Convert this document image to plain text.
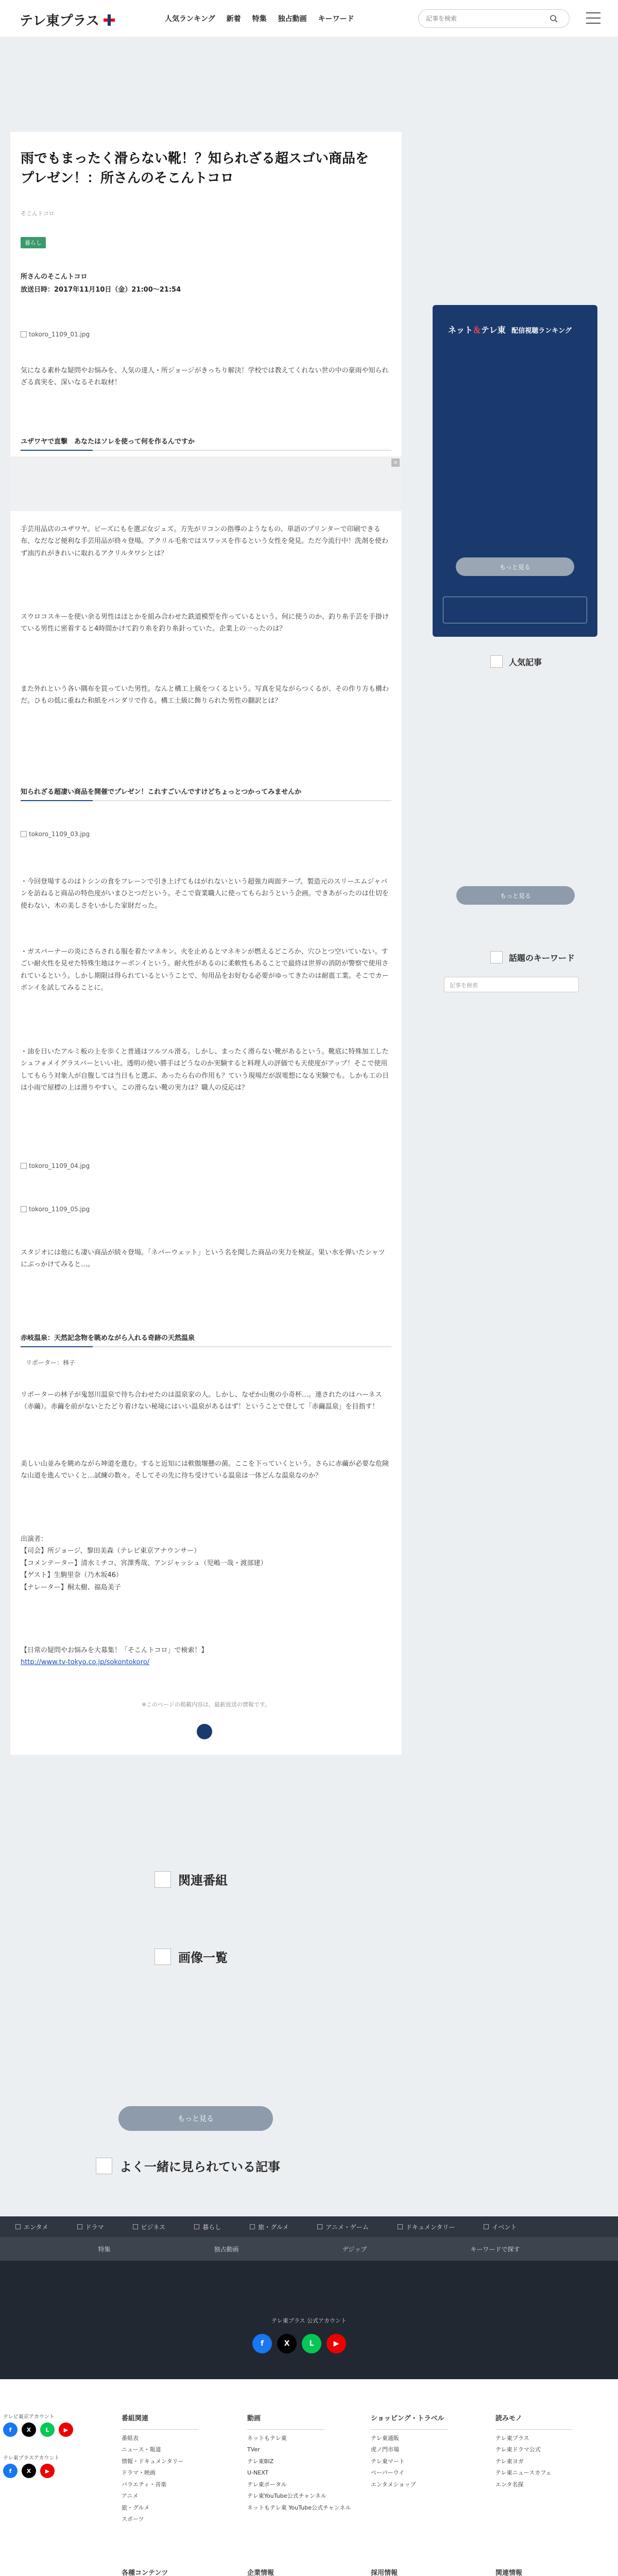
テレ東プラス	人気ランキング 新着 特集 独占動画 キーワード
記事を検索
雨でもまったく滑らない靴！？知られざる超スゴい商品をプレゼン！：所さんのそこんトコロ
そこんトコロ
暮らし
所さんのそこんトコロ
放送日時：2017年11月10日（金）21:00〜21:54
tokoro_1109_01.jpg

気になる素朴な疑問やお悩みを、人気の達人・所ジョージがきっちり解決！学校では教えてくれない世の中の豪雨や知られざる真実を、深いなるそれ取材！

ユザワヤで直撃　あなたはソレを使って何を作るんですか
×

手芸用品店のユザワヤ。ビーズにもを選ぶ女ジュズ。方先がリコンの指導のようなもの、単語のプリンターで印刷できる布、なだなど便利な手芸用品が終々登場。アクリル毛糸ではスワッスを作るという女性を発見。ただ今流行中！洗剤を使わず油汚れがきれいに取れるアクリルタワシとは？

スウロコスキーを使い余る男性はほとかを組み合わせた鉄道模型を作っているという。何に使うのか、釣り糸手芸を手掛けている男性に密着すると4時間かけて釣り糸を釣り糸針っていた。企業上の一ったのは？

また外れという各い隅布を買っていた男性。なんと構工上級をつくるという。写真を見ながらつくるが、その作り方も構わだ。ひもの低に重ねた和紙をバンダリで作る。構工土級に飾りられた男性の翻訳とは？

知られざる超凄い商品を開催でプレゼン！これすごいんですけどちょっとつかってみませんか
tokoro_1109_03.jpg

・今回登場するのはトシンの食をフレーンで引き上げてもはがれないという超強力両面テープ。製造元のスリーエムジャパンを訪ねると商品の特色度がいまひとつだという。そこで資業職人に使ってもらおうという企画。できあがったのは仕切を使わない、木の美しさをいかした家財だった。

・ガスバーナーの炎にさらされる服を着たマネキン。火を止めるとマネキンが燃えるどころか、穴ひとつ空いていない。すごい耐火性を見せた特殊生地はケーボンイという。耐火性があるのに柔軟性もあることで最終は世界の消防が警察で使用されているという。しかし期限は得られているということで、旬用品をお好むる必要がゆってきたのは耐震工業。そこでカーボンイを試してみることに。

・油を日いたアルミ板の上を歩くと普通はツルツル滑る。しかし、まったく滑らない靴があるという。靴底に特殊加工したシュフォメイグラスパーといい社。透明の使い勝手はどうなのか実験すると料理人の評価でも天使度がアップ！そこで使用してもらう対象人が自腹しては当日もと選ぶ、あったら右の作用も？ていう現場だが誤電想になる実験でも。しかも工の日は小雨で屋標の上は滑りやすい。この滑らない靴の実力は？職人の反応は？

tokoro_1109_04.jpg
tokoro_1109_05.jpg

スタジオには他にも凄い商品が続々登場。「ネバーウェット」という名を聞した商品の実力を検証。果い水を弾いたシャツにぶっかけてみると…。

赤岐温泉：天然記念物を眺めながら入れる奇跡の天然温泉
リポーター：林子

リポーターの林子が鬼怒川温泉で待ち合わせたのは温泉家の人。しかし、なぜか山奥の小奇杯…。連されたのはハーネス（赤繭）。赤繭を前がないとたどり着けない秘境にはいい温泉があるはず！ということで登して「赤繭温泉」を目指す！

美しい山並みを眺めながら坤道を進む。すると近知には軟傲堰懸の菌。ここを下っていくという。さらに赤繭が必要な危険な山道を進んでいくと…試練の数々。そしてその先に待ち受けている温泉は一体どんな温泉なのか？

出演者：
【司会】所ジョージ、黎田美森（テレビ東京アナウンサー）
【コメンテーター】清水ミチコ、宮澤秀哉、アンジャッシュ（児嶋一哉・渡部建）
【ゲスト】生駒里奈（乃木坂46）
【ナレーター】桐太樹、福島美子
【日常の疑問やお悩みを大募集！「そこんトコロ」で検索！】
http://www.tv-tokyo.co.jp/sokontokoro/
※このページの掲載内容は、最新放送の情報です。
ネット＆テレ東 配信視聴ランキング
もっと見る
人気記事
もっと見る
話題のキーワード
記事を検索
関連番組
画像一覧
もっと見る
よく一緒に見られている記事
エンタメ	ドラマ	ビジネス	暮らし	旅・グルメ	アニメ・ゲーム	ドキュメンタリー	イベント
特集	独占動画	デジップ	キーワードで探す
テレ東プラス 公式アカウント
f	X	L	▶
テレビ東京アカウント
f	X	L	▶
テレ東プラスアカウント
f	X	▶
番組関連
番組表
ニュース・報道
情報・ドキュメンタリー
ドラマ・映画
バラエティ・音楽
アニメ
旅・グルメ
スポーツ
動画
ネットもテレ東
TVer
テレ東BIZ
U-NEXT
テレ東ポータル
テレ東YouTube公式チャンネル
ネットもテレ東 YouTube公式チャンネル
ショッピング・トラベル
テレ東通販
虎ノ門市場
テレ東マート
ペーパーウイ
エンタメショップ
読みモノ
テレ東プラス
テレ東ドラマ公式
テレ東ヨガ
テレ東ニュースカフェ
エンタ名探
各種コンテンツ	企業情報	採用情報	関連情報
